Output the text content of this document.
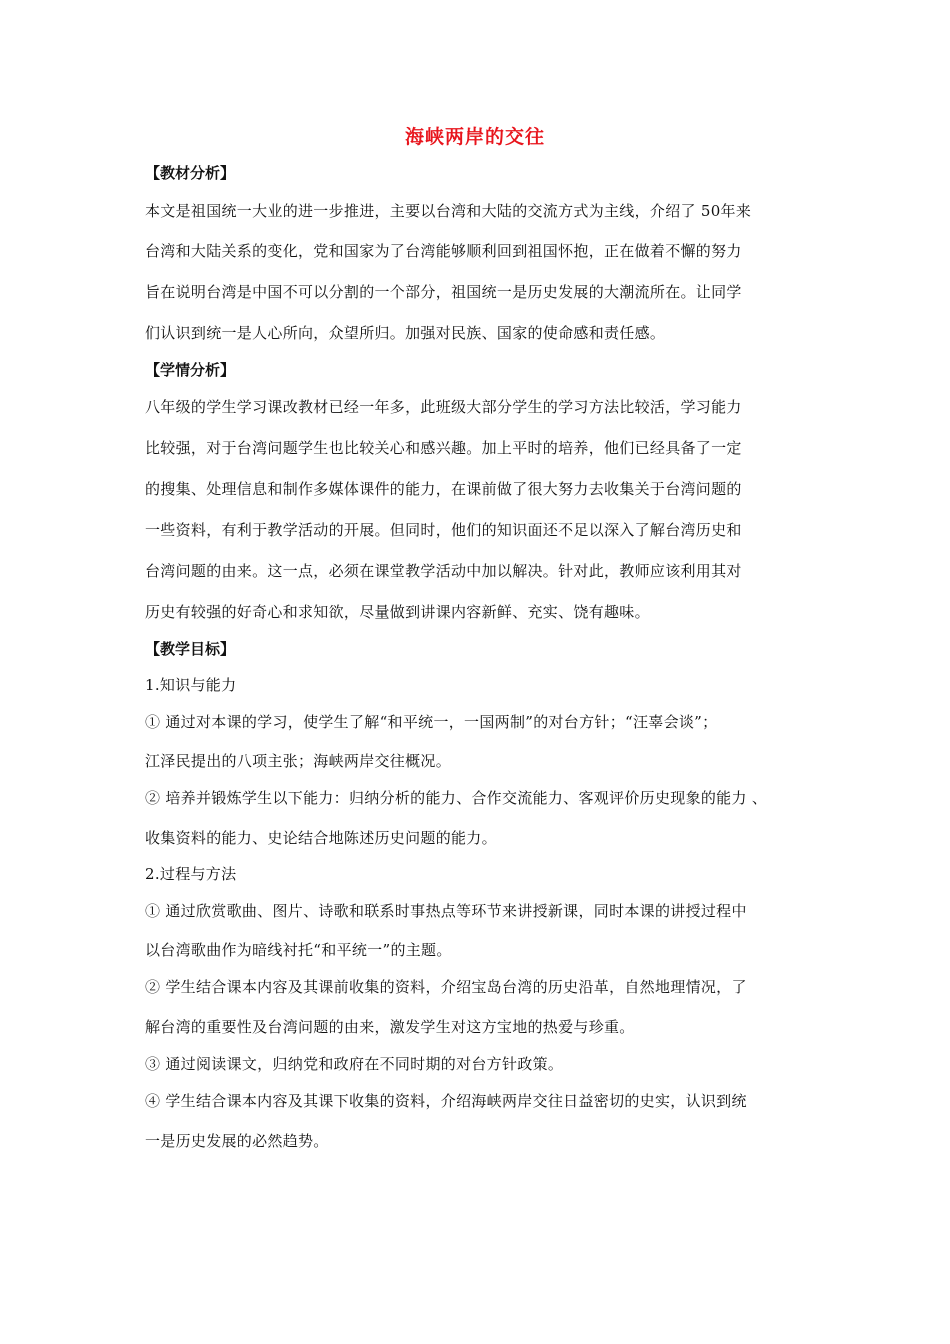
海峡两岸的交往
【教材分析】
本文是祖国统一大业的进一步推进，主要以台湾和大陆的交流方式为主线，介绍了 50年来
台湾和大陆关系的变化，党和国家为了台湾能够顺利回到祖国怀抱，正在做着不懈的努力
旨在说明台湾是中国不可以分割的一个部分，祖国统一是历史发展的大潮流所在。让同学
们认识到统一是人心所向，众望所归。加强对民族、国家的使命感和责任感。
【学情分析】
八年级的学生学习课改教材已经一年多，此班级大部分学生的学习方法比较活，学习能力
比较强，对于台湾问题学生也比较关心和感兴趣。加上平时的培养，他们已经具备了一定
的搜集、处理信息和制作多媒体课件的能力，在课前做了很大努力去收集关于台湾问题的
一些资料，有利于教学活动的开展。但同时，他们的知识面还不足以深入了解台湾历史和
台湾问题的由来。这一点，必须在课堂教学活动中加以解决。针对此，教师应该利用其对
历史有较强的好奇心和求知欲，尽量做到讲课内容新鲜、充实、饶有趣味。
【教学目标】
1.知识与能力
① 通过对本课的学习，使学生了解“和平统一，一国两制”的对台方针；“汪辜会谈”；
江泽民提出的八项主张；海峡两岸交往概况。
② 培养并锻炼学生以下能力：归纳分析的能力、合作交流能力、客观评价历史现象的能力 、
收集资料的能力、史论结合地陈述历史问题的能力。
2.过程与方法
① 通过欣赏歌曲、图片、诗歌和联系时事热点等环节来讲授新课，同时本课的讲授过程中
以台湾歌曲作为暗线衬托“和平统一”的主题。
② 学生结合课本内容及其课前收集的资料，介绍宝岛台湾的历史沿革，自然地理情况，了
解台湾的重要性及台湾问题的由来，激发学生对这方宝地的热爱与珍重。
③ 通过阅读课文，归纳党和政府在不同时期的对台方针政策。
④ 学生结合课本内容及其课下收集的资料，介绍海峡两岸交往日益密切的史实，认识到统
一是历史发展的必然趋势。
